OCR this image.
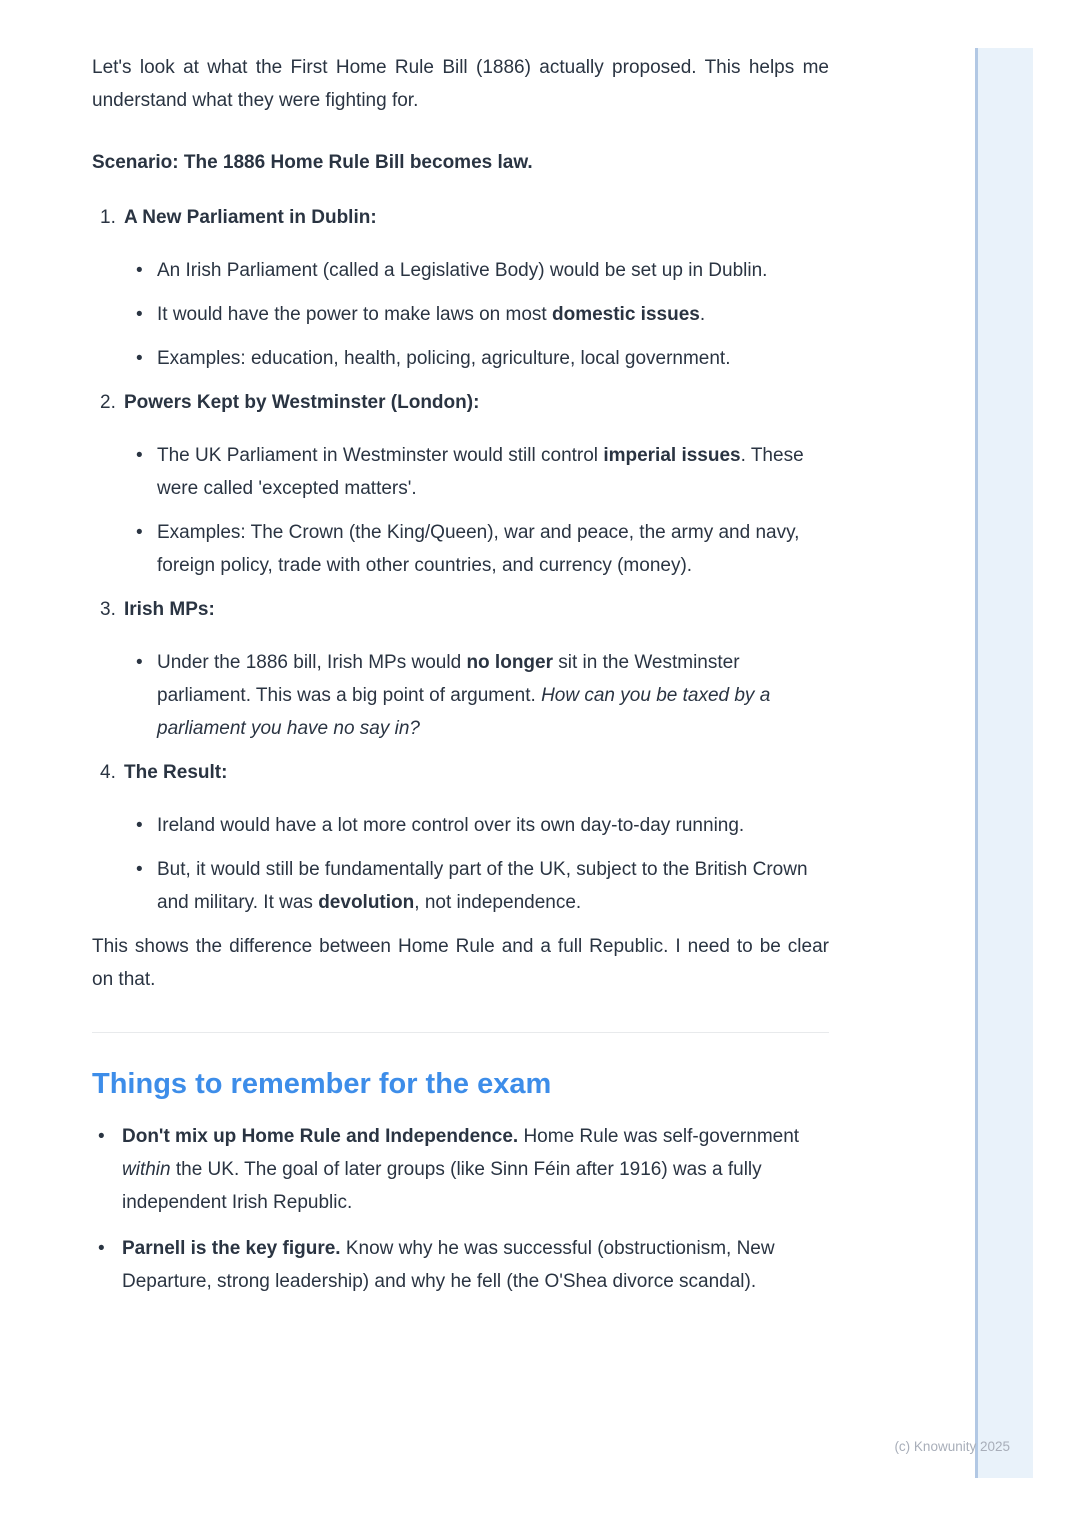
(c) Knowunity 2025

Let's look at what the First Home Rule Bill (1886) actually proposed. This helps me understand what they were fighting for.

Scenario: The 1886 Home Rule Bill becomes law.

1. A New Parliament in Dublin:
• An Irish Parliament (called a Legislative Body) would be set up in Dublin.
• It would have the power to make laws on most domestic issues.
• Examples: education, health, policing, agriculture, local government.
2. Powers Kept by Westminster (London):
• The UK Parliament in Westminster would still control imperial issues. These were called 'excepted matters'.
• Examples: The Crown (the King/Queen), war and peace, the army and navy, foreign policy, trade with other countries, and currency (money).
3. Irish MPs:
• Under the 1886 bill, Irish MPs would no longer sit in the Westminster parliament. This was a big point of argument. How can you be taxed by a parliament you have no say in?
4. The Result:
• Ireland would have a lot more control over its own day-to-day running.
• But, it would still be fundamentally part of the UK, subject to the British Crown and military. It was devolution, not independence.

This shows the difference between Home Rule and a full Republic. I need to be clear on that.

Things to remember for the exam
• Don't mix up Home Rule and Independence. Home Rule was self-government within the UK. The goal of later groups (like Sinn Féin after 1916) was a fully independent Irish Republic.
• Parnell is the key figure. Know why he was successful (obstructionism, New Departure, strong leadership) and why he fell (the O'Shea divorce scandal).
